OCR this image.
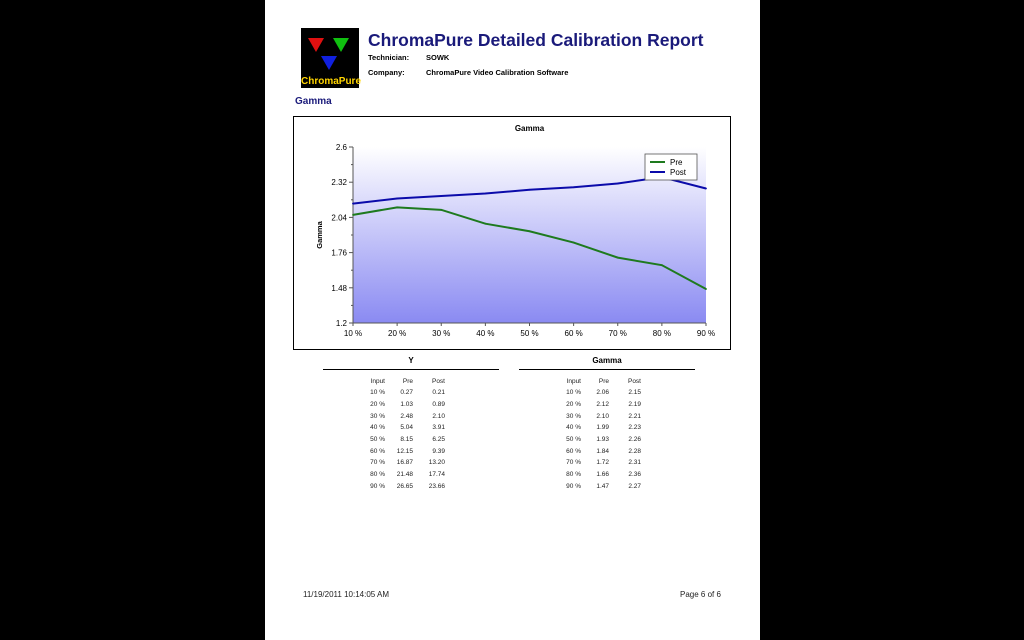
ChromaPure
ChromaPure Detailed Calibration Report
Technician: SOWK
Company:	ChromaPure Video Calibration Software
Gamma
Gamma
Gamma
2.6
2.32
2.04
1.76
1.48
1.2
10 %	20 %	30 %	40 %	50 %	60 %	70 %	80 %	90 %
Pre
Post
Y
Input	Pre	Post
10 %	0.27	0.21
20 %	1.03	0.89
30 %	2.48	2.10
40 %	5.04	3.91
50 %	8.15	6.25
60 %	12.15	9.39
70 %	16.87	13.20
80 %	21.48	17.74
90 %	26.65	23.66
Gamma
Input	Pre	Post
10 %	2.06	2.15
20 %	2.12	2.19
30 %	2.10	2.21
40 %	1.99	2.23
50 %	1.93	2.26
60 %	1.84	2.28
70 %	1.72	2.31
80 %	1.66	2.36
90 %	1.47	2.27
11/19/2011 10:14:05 AM	Page 6 of 6
